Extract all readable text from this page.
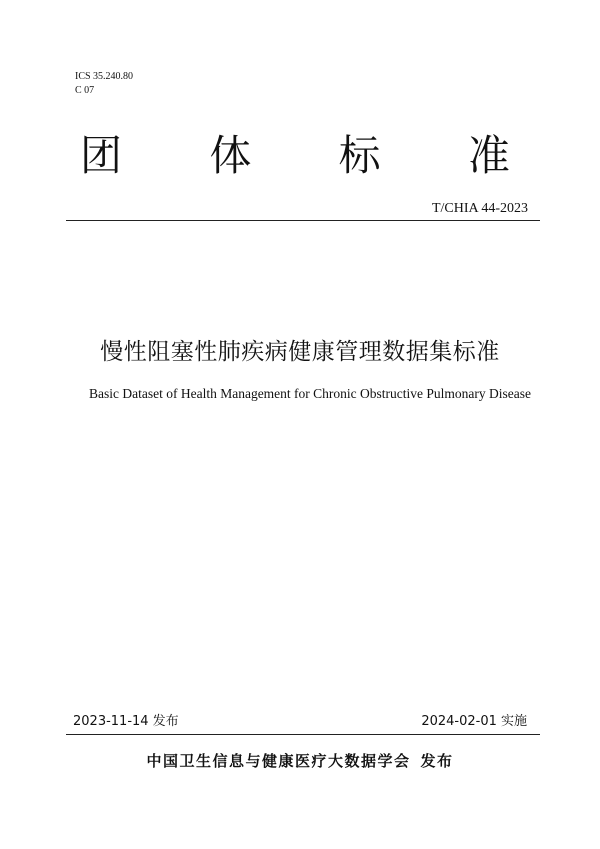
ICS 35.240.80
C 07
团 体 标 准
T/CHIA 44-2023
慢性阻塞性肺疾病健康管理数据集标准
Basic Dataset of Health Management for Chronic Obstructive Pulmonary Disease
2023-11-14 发布	2024-02-01 实施
中国卫生信息与健康医疗大数据学会 发布
